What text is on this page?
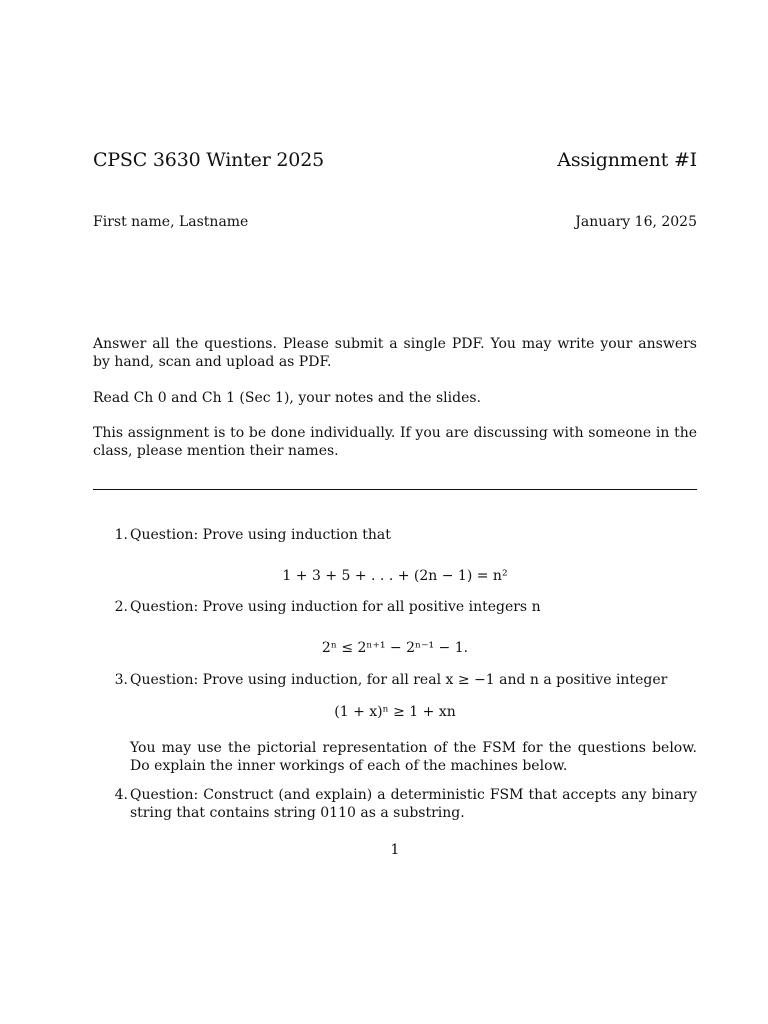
CPSC 3630 Winter 2025	Assignment #I
First name, Lastname	January 16, 2025
Answer all the questions. Please submit a single PDF. You may write your answers by hand, scan and upload as PDF.
Read Ch 0 and Ch 1 (Sec 1), your notes and the slides.
This assignment is to be done individually. If you are discussing with someone in the class, please mention their names.
1. Question: Prove using induction that
1 + 3 + 5 + . . . + (2n − 1) = n²
2. Question: Prove using induction for all positive integers n
2ⁿ ≤ 2ⁿ⁺¹ − 2ⁿ⁻¹ − 1.
3. Question: Prove using induction, for all real x ≥ −1 and n a positive integer
(1 + x)ⁿ ≥ 1 + xn
You may use the pictorial representation of the FSM for the questions below. Do explain the inner workings of each of the machines below.
4. Question: Construct (and explain) a deterministic FSM that accepts any binary string that contains string 0110 as a substring.
1
